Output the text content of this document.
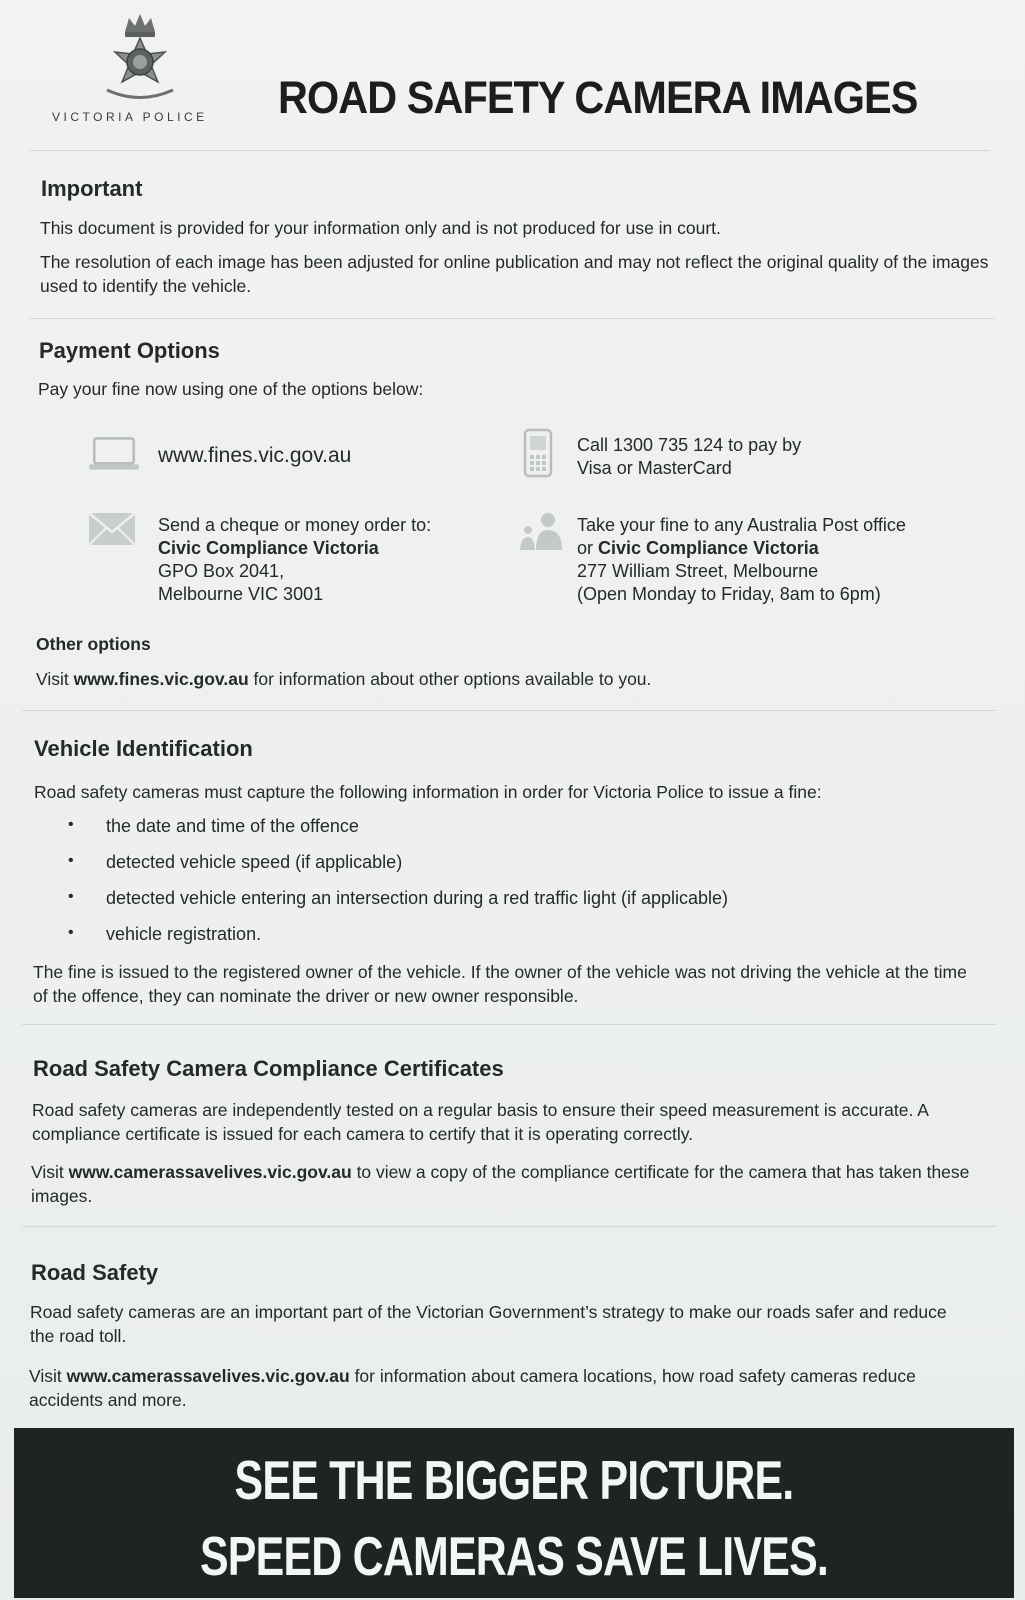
VICTORIA POLICE ROAD SAFETY CAMERA IMAGES
Important
This document is provided for your information only and is not produced for use in court.
The resolution of each image has been adjusted for online publication and may not reflect the original quality of the images used to identify the vehicle.
Payment Options
Pay your fine now using one of the options below:
www.fines.vic.gov.au	Call 1300 735 124 to pay by
Visa or MasterCard
Send a cheque or money order to:
Civic Compliance Victoria
GPO Box 2041,
Melbourne VIC 3001
Take your fine to any Australia Post office
or Civic Compliance Victoria
277 William Street, Melbourne
(Open Monday to Friday, 8am to 6pm)
Other options
Visit www.fines.vic.gov.au for information about other options available to you.
Vehicle Identification
Road safety cameras must capture the following information in order for Victoria Police to issue a fine:
• the date and time of the offence
• detected vehicle speed (if applicable)
• detected vehicle entering an intersection during a red traffic light (if applicable)
• vehicle registration.
The fine is issued to the registered owner of the vehicle. If the owner of the vehicle was not driving the vehicle at the time of the offence, they can nominate the driver or new owner responsible.
Road Safety Camera Compliance Certificates
Road safety cameras are independently tested on a regular basis to ensure their speed measurement is accurate. A compliance certificate is issued for each camera to certify that it is operating correctly.
Visit www.camerassavelives.vic.gov.au to view a copy of the compliance certificate for the camera that has taken these images.
Road Safety
Road safety cameras are an important part of the Victorian Government’s strategy to make our roads safer and reduce the road toll.
Visit www.camerassavelives.vic.gov.au for information about camera locations, how road safety cameras reduce accidents and more.
SEE THE BIGGER PICTURE.
SPEED CAMERAS SAVE LIVES.
